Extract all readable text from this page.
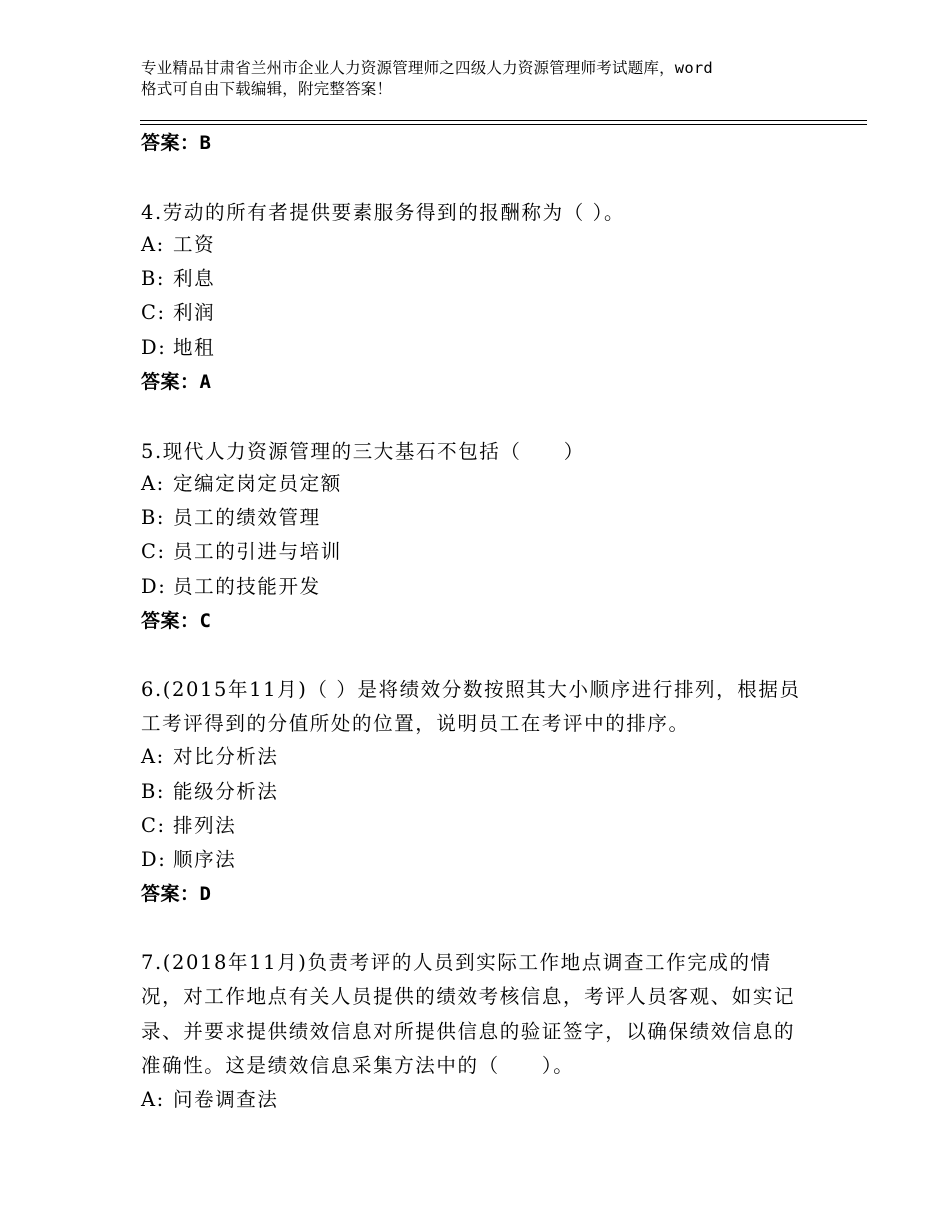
专业精品甘肃省兰州市企业人力资源管理师之四级人力资源管理师考试题库，word
格式可自由下载编辑，附完整答案！
答案：B
4.劳动的所有者提供要素服务得到的报酬称为（ ）。
A: 工资
B: 利息
C: 利润
D: 地租
答案：A
5.现代人力资源管理的三大基石不包括（　　）
A: 定编定岗定员定额
B: 员工的绩效管理
C: 员工的引进与培训
D: 员工的技能开发
答案：C
6.(2015年11月)（ ）是将绩效分数按照其大小顺序进行排列，根据员工考评得到的分值所处的位置，说明员工在考评中的排序。
A: 对比分析法
B: 能级分析法
C: 排列法
D: 顺序法
答案：D
7.(2018年11月)负责考评的人员到实际工作地点调查工作完成的情况，对工作地点有关人员提供的绩效考核信息，考评人员客观、如实记录、并要求提供绩效信息对所提供信息的验证签字，以确保绩效信息的准确性。这是绩效信息采集方法中的（　　）。
A: 问卷调查法
